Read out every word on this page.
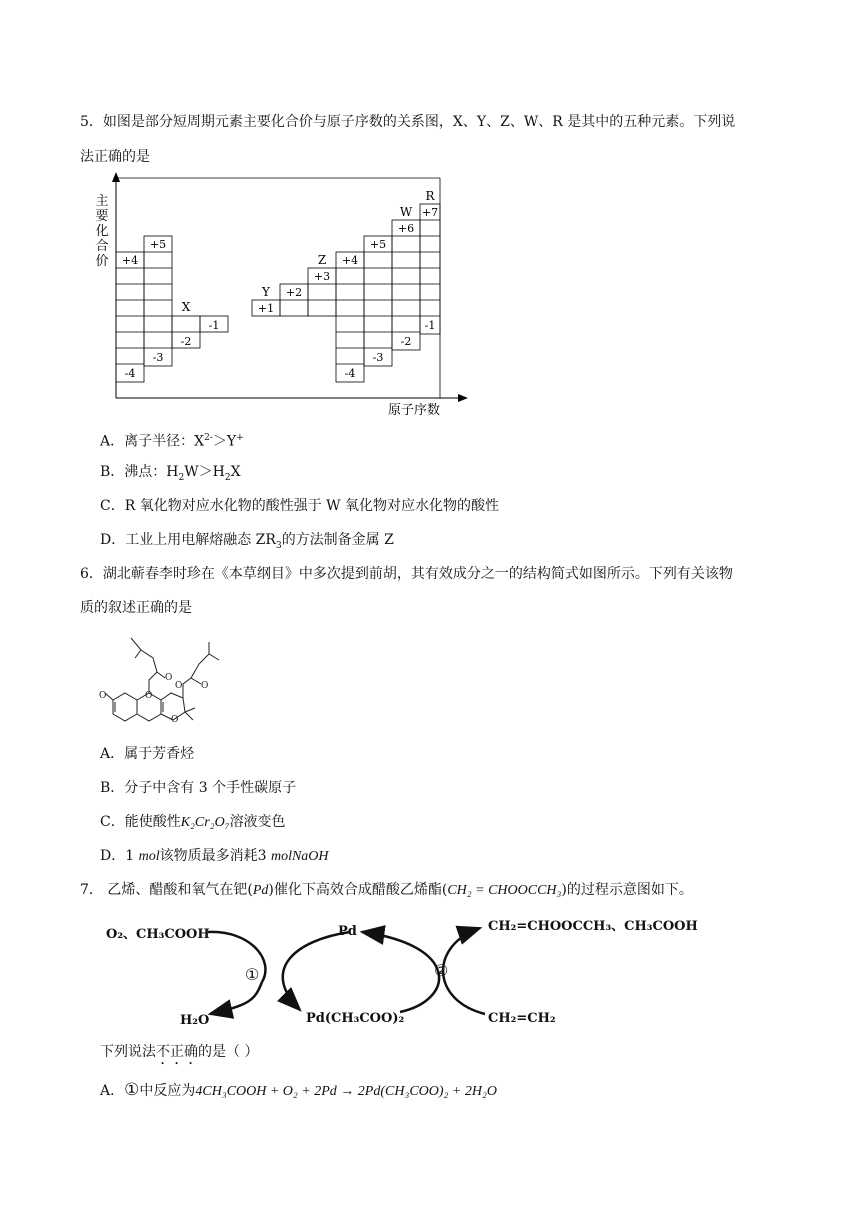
5．如图是部分短周期元素主要化合价与原子序数的关系图，X、Y、Z、W、R 是其中的五种元素。下列说
法正确的是
主
要
化
合
价
原子序数
+4
+5
+1
+2
+3
+4
+5
+6
+7
-4
-3
-2
-1
-4
-3
-2
-1
X
Y
Z
W
R
A．离子半径：$X^{2-}>Y^+$
B．沸点：$H_2W>H_2X$
C．R 氧化物对应水化物的酸性强于 W 氧化物对应水化物的酸性
D．工业上用电解熔融态 $ZR_3$的方法制备金属 Z
6．湖北蕲春李时珍在《本草纲目》中多次提到前胡，其有效成分之一的结构简式如图所示。下列有关该物
质的叙述正确的是
O	O
O
O
O
O
A．属于芳香烃
B．分子中含有 3 个手性碳原子
C．能使酸性K₂Cr₂O₇溶液变色
D．1 mol该物质最多消耗3 molNaOH
7． 乙烯、醋酸和氧气在钯(Pd)催化下高效合成醋酸乙烯酯(CH₂ = CHOOCCH₃)的过程示意图如下。
O₂、CH₃COOH
H₂O
Pd
Pd(CH₃COO)₂
CH₂=CHOOCCH₃、CH₃COOH
CH₂=CH₂
①	②
下列说法不正确的是（ ）
A．①中反应为4CH₃COOH + O₂ + 2Pd → 2Pd(CH₃COO)₂ + 2H₂O
